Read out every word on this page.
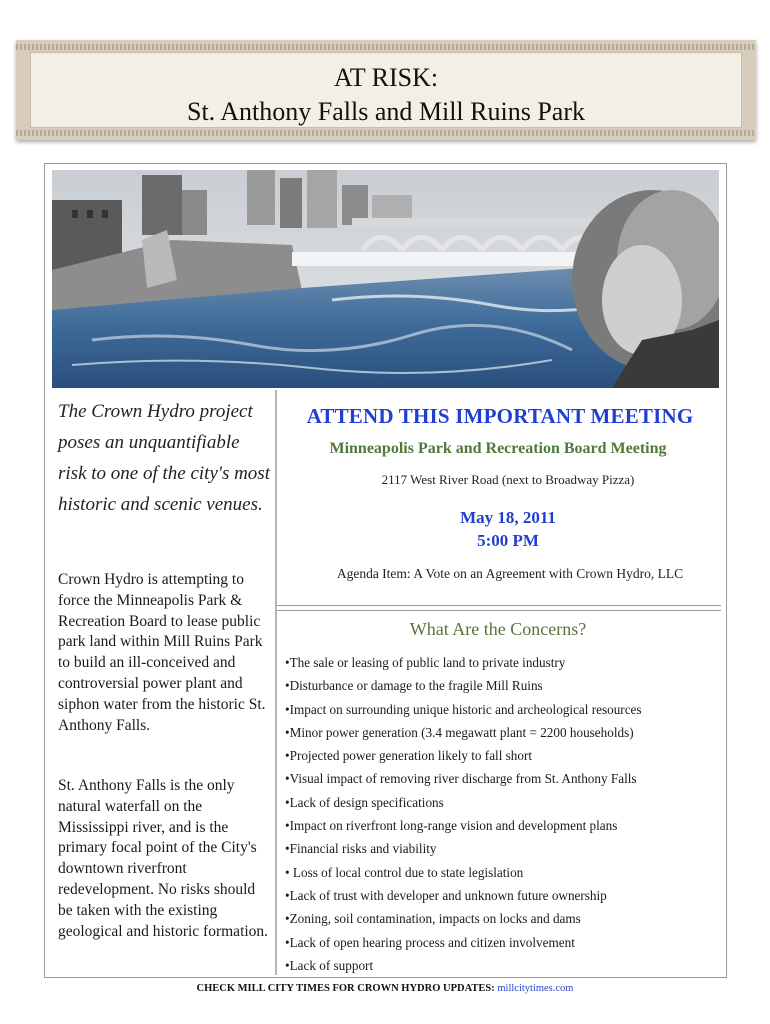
AT RISK:
St. Anthony Falls and Mill Ruins Park
The Crown Hydro project poses an unquantifiable risk to one of the city's most historic and scenic venues.
Crown Hydro is attempting to force the Minneapolis Park & Recreation Board to lease public park land within Mill Ruins Park to build an ill-conceived and controversial power plant and siphon water from the historic St. Anthony Falls.
St. Anthony Falls is the only natural waterfall on the Mississippi river, and is the primary focal point of the City's downtown riverfront redevelopment. No risks should be taken with the existing geological and historic formation.
ATTEND THIS IMPORTANT MEETING
Minneapolis Park and Recreation Board Meeting
2117 West River Road (next to Broadway Pizza)
May 18, 2011
5:00 PM
Agenda Item: A Vote on an Agreement with Crown Hydro, LLC
What Are the Concerns?
•The sale or leasing of public land to private industry
•Disturbance or damage to the fragile Mill Ruins
•Impact on surrounding unique historic and archeological resources
•Minor power generation (3.4 megawatt plant = 2200 households)
•Projected power generation likely to fall short
•Visual impact of removing river discharge from St. Anthony Falls
•Lack of design specifications
•Impact on riverfront long-range vision and development plans
•Financial risks and viability
• Loss of local control due to state legislation
•Lack of trust with developer and unknown future ownership
•Zoning, soil contamination, impacts on locks and dams
•Lack of open hearing process and citizen involvement
•Lack of support
CHECK MILL CITY TIMES FOR CROWN HYDRO UPDATES: millcitytimes.com
